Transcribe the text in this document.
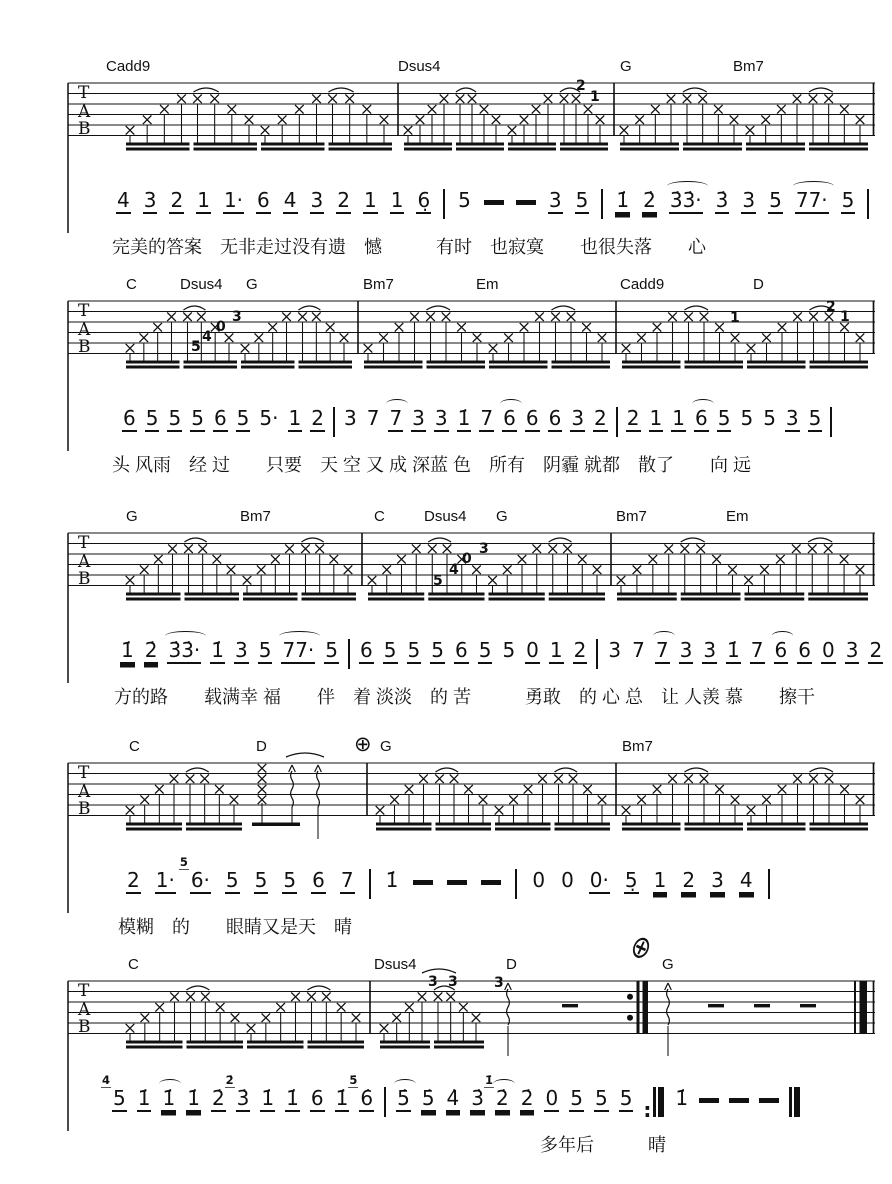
T
A
B
2
1
T
A
B	5
4
0
3	1
2
1
T
A
B	5
4
0
3
T
A
B
T
A
B
3 3	3
Cadd9	Dsus4	G	Bm7
4 3 2 1 1· 6 4 3 2 1 1 6̣ 5	3 5 1̇ 2̇ 3̇3̇· 3̇ 3 5 77· 5
完美的答案　无非走过没有遗　憾　　　有时　也寂寞　　也很失落　　心
C	Dsus4 G	Bm7	Em	Cadd9	D
6 5 5 5 6 5 5· 1 2 3 7 7 3 3 1̇ 7 6 6 6 3 2 2 1 1 6 5 5 5 3 5
头 风雨　经 过　　只要　天 空 又 成 深蓝 色　所有　阴霾 就都　散了　　向 远
G	Bm7	C	Dsus4 G	Bm7	Em
1̇ 2̇ 3̇3̇· 1̇ 3 5 77· 5 6 5 5 5 6 5 5 0 1 2 3 7 7 3 3 1̇ 7 6 6 0 3 2
方的路　　载满幸 福　　伴　着 淡淡　的 苦　　　勇敢　的 心 总　让 人羡 慕　　擦干
C	D	⊕ G	Bm7
2 1· 6·
5
5 5 5 6 7 1̇	0 0 0· 5̣ 1 2 3 4
模糊　的　　眼睛又是天　晴
C	Dsus4	D	⊕ G
5
4
1̇ 1̇ 1̇ 2̇ 3̇
2̇
1̇ 1̇ 6 1̇ 6̇
5̇
5̇ 5̇ 4̇ 3̇ 2̇
1̇
2̇ 0 5 5 5 :	1̇
多年后　　　晴
